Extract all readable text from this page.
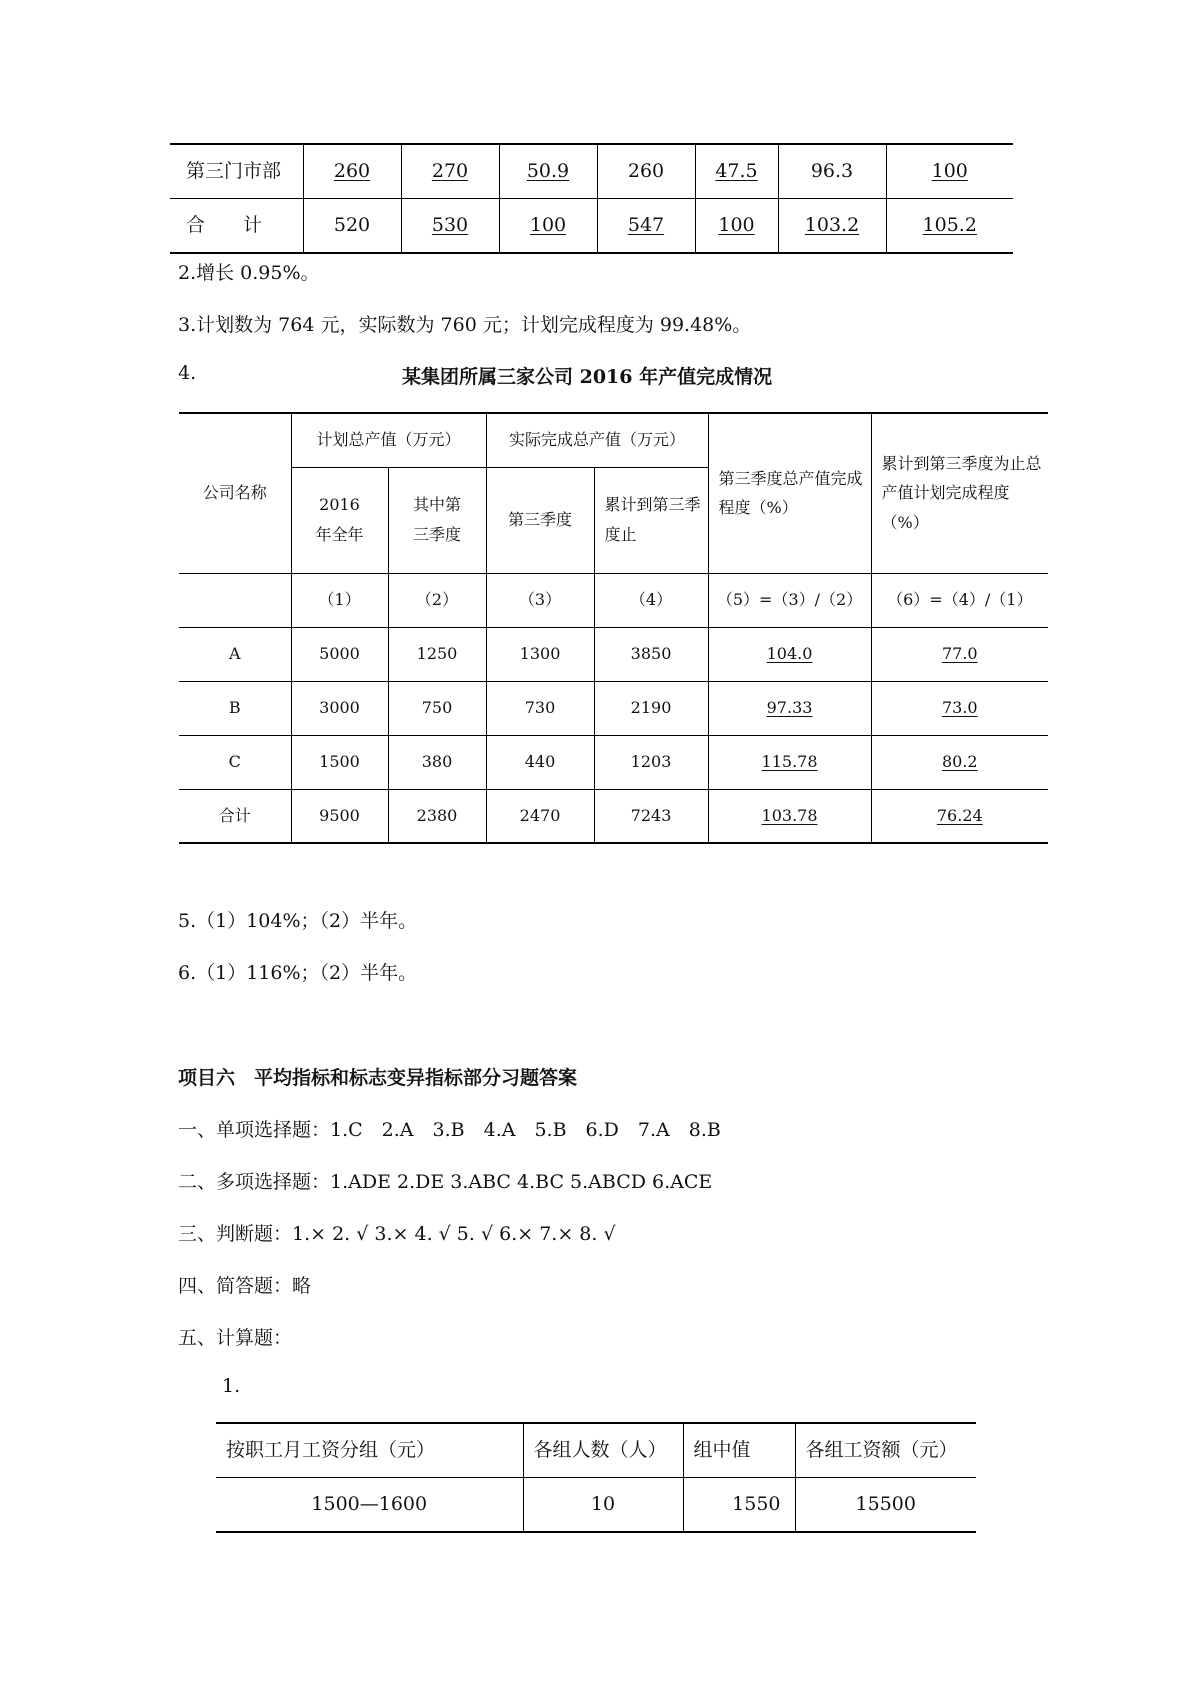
第三门市部	260	270	50.9	260	47.5	96.3	100
合　　计	520	530	100	547	100	103.2	105.2

2.增长 0.95%。

3.计划数为 764 元，实际数为 760 元；计划完成程度为 99.48%。

4.	某集团所属三家公司 2016 年产值完成情况

公司名称	计划总产值（万元）		实际完成总产值（万元）		第三季度总产值完成程度（%）	累计到第三季度为止总产值计划完成程度（%）
	2016 年全年	其中第三季度	第三季度	累计到第三季度止		
	（1）	（2）	（3）	（4）	（5）=（3）/（2）	（6）=（4）/（1）
A	5000	1250	1300	3850	104.0	77.0
B	3000	750	730	2190	97.33	73.0
C	1500	380	440	1203	115.78	80.2
合计	9500	2380	2470	7243	103.78	76.24

5.（1）104%；（2）半年。

6.（1）116%；（2）半年。

项目六　平均指标和标志变异指标部分习题答案

一、单项选择题：1.C　2.A　3.B　4.A　5.B　6.D　7.A　8.B

二、多项选择题：1.ADE 2.DE 3.ABC 4.BC 5.ABCD 6.ACE

三、判断题：1.× 2. √ 3.× 4. √ 5. √ 6.× 7.× 8. √

四、简答题：略

五、计算题：

1.

按职工月工资分组（元）	各组人数（人）	组中值	各组工资额（元）
1500—1600	10	1550	15500
